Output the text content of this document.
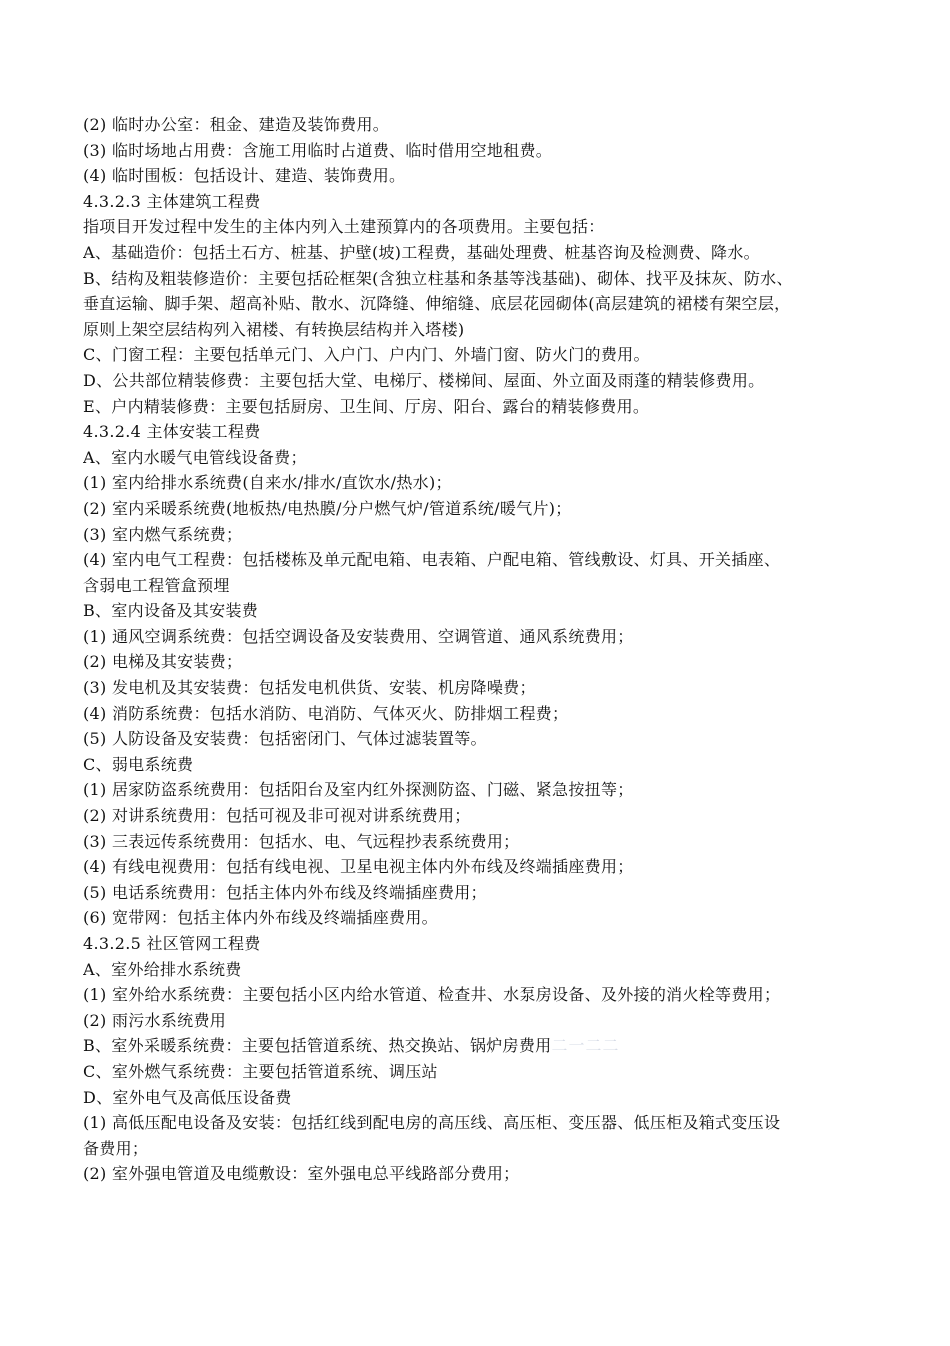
(2) 临时办公室：租金、建造及装饰费用。
(3) 临时场地占用费：含施工用临时占道费、临时借用空地租费。
(4) 临时围板：包括设计、建造、装饰费用。
4.3.2.3 主体建筑工程费
指项目开发过程中发生的主体内列入土建预算内的各项费用。主要包括：
A、基础造价：包括土石方、桩基、护壁(坡)工程费，基础处理费、桩基咨询及检测费、降水。
B、结构及粗装修造价：主要包括砼框架(含独立柱基和条基等浅基础)、砌体、找平及抹灰、防水、
垂直运输、脚手架、超高补贴、散水、沉降缝、伸缩缝、底层花园砌体(高层建筑的裙楼有架空层，
原则上架空层结构列入裙楼、有转换层结构并入塔楼)
C、门窗工程：主要包括单元门、入户门、户内门、外墙门窗、防火门的费用。
D、公共部位精装修费：主要包括大堂、电梯厅、楼梯间、屋面、外立面及雨蓬的精装修费用。
E、户内精装修费：主要包括厨房、卫生间、厅房、阳台、露台的精装修费用。
4.3.2.4 主体安装工程费
A、室内水暖气电管线设备费；
(1) 室内给排水系统费(自来水/排水/直饮水/热水)；
(2) 室内采暖系统费(地板热/电热膜/分户燃气炉/管道系统/暖气片)；
(3) 室内燃气系统费；
(4) 室内电气工程费：包括楼栋及单元配电箱、电表箱、户配电箱、管线敷设、灯具、开关插座、
含弱电工程管盒预埋
B、室内设备及其安装费
(1) 通风空调系统费：包括空调设备及安装费用、空调管道、通风系统费用；
(2) 电梯及其安装费；
(3) 发电机及其安装费：包括发电机供货、安装、机房降噪费；
(4) 消防系统费：包括水消防、电消防、气体灭火、防排烟工程费；
(5) 人防设备及安装费：包括密闭门、气体过滤装置等。
C、弱电系统费
(1) 居家防盗系统费用：包括阳台及室内红外探测防盗、门磁、紧急按扭等；
(2) 对讲系统费用：包括可视及非可视对讲系统费用；
(3) 三表远传系统费用：包括水、电、气远程抄表系统费用；
(4) 有线电视费用：包括有线电视、卫星电视主体内外布线及终端插座费用；
(5) 电话系统费用：包括主体内外布线及终端插座费用；
(6) 宽带网：包括主体内外布线及终端插座费用。
4.3.2.5 社区管网工程费
A、室外给排水系统费
(1) 室外给水系统费：主要包括小区内给水管道、检查井、水泵房设备、及外接的消火栓等费用；
(2) 雨污水系统费用
B、室外采暖系统费：主要包括管道系统、热交换站、锅炉房费用二一二二
C、室外燃气系统费：主要包括管道系统、调压站
D、室外电气及高低压设备费
(1) 高低压配电设备及安装：包括红线到配电房的高压线、高压柜、变压器、低压柜及箱式变压设
备费用；
(2) 室外强电管道及电缆敷设：室外强电总平线路部分费用；
